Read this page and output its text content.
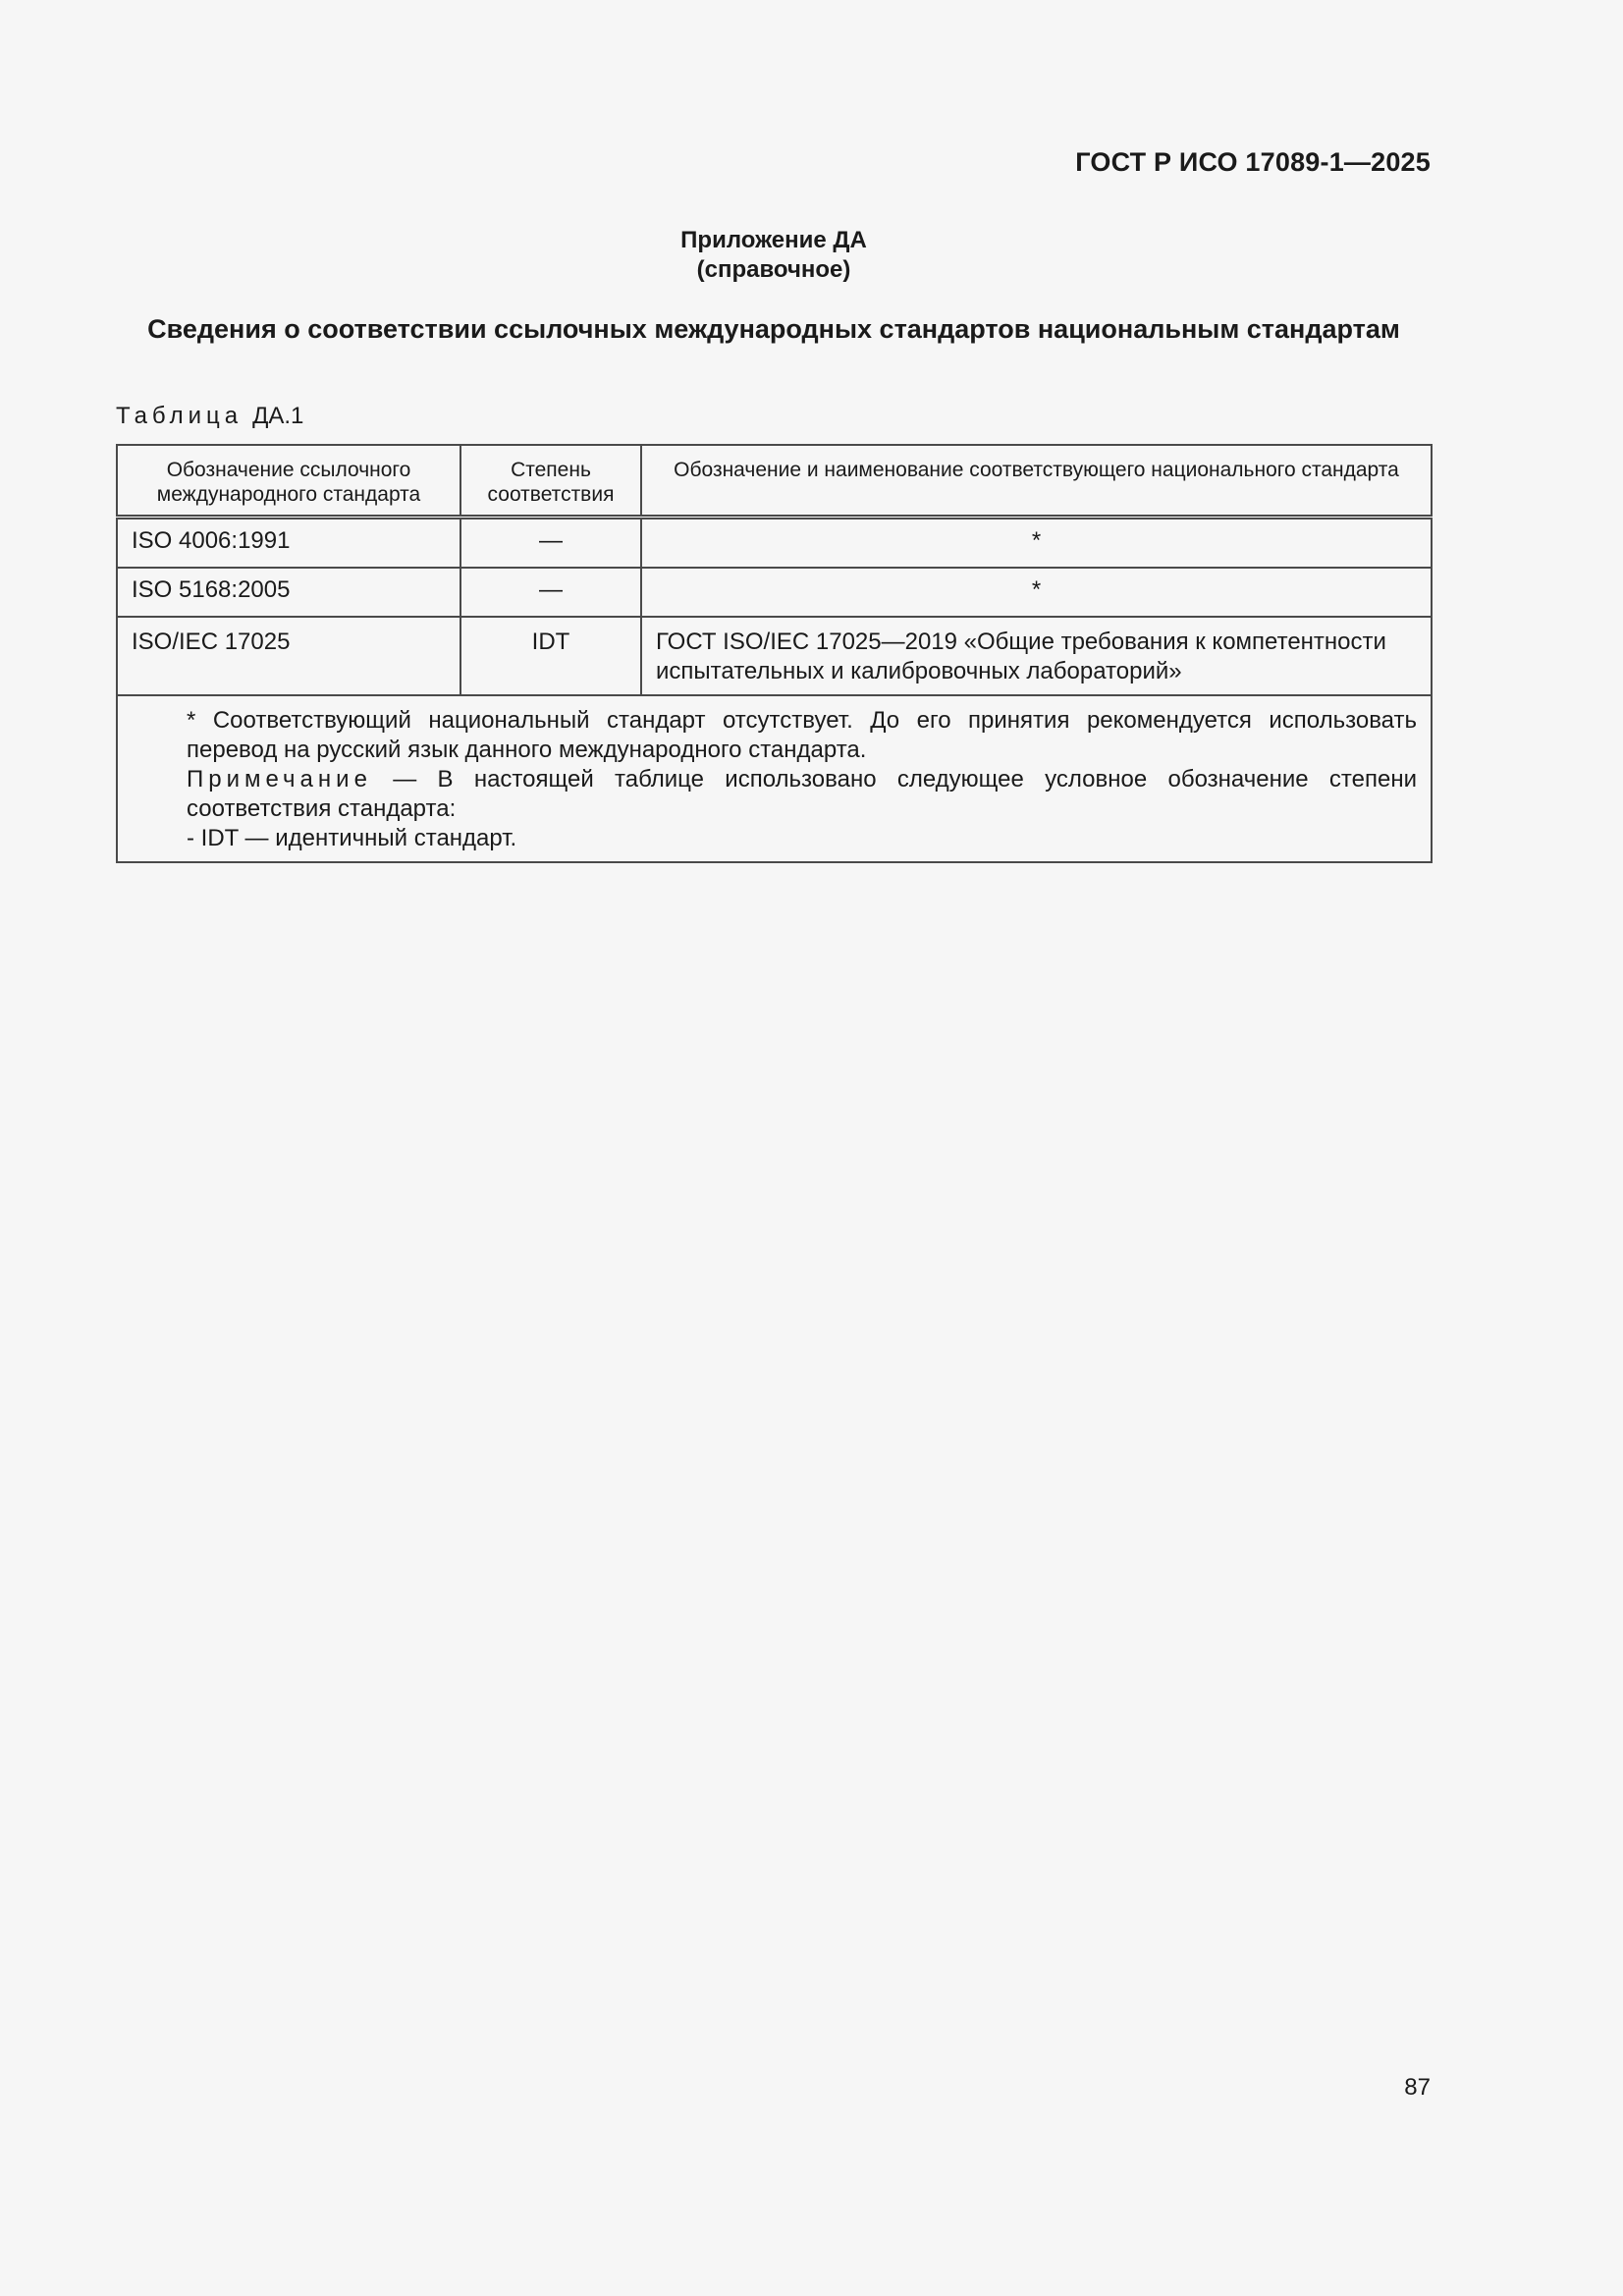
ГОСТ Р ИСО 17089-1—2025
Приложение ДА
(справочное)
Сведения о соответствии ссылочных международных стандартов национальным стандартам
Таблица ДА.1
Обозначение ссылочного международного стандарта	Степень соответствия	Обозначение и наименование соответствующего национального стандарта
ISO 4006:1991	—	*
ISO 5168:2005	—	*
ISO/IEC 17025	IDT	ГОСТ ISO/IEC 17025—2019 «Общие требования к компетентности испытательных и калибровочных лабораторий»

* Соответствующий национальный стандарт отсутствует. До его принятия рекомендуется использовать перевод на русский язык данного международного стандарта.
Примечание — В настоящей таблице использовано следующее условное обозначение степени соответствия стандарта:
- IDT — идентичный стандарт.		
87
